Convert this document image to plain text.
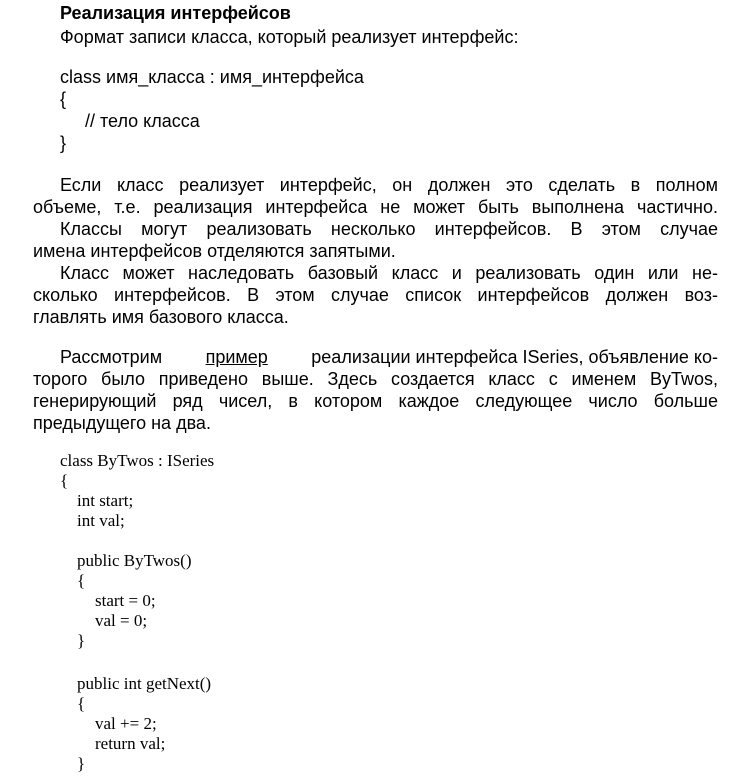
Реализация интерфейсов
Формат записи класса, который реализует интерфейс:
class имя_класса : имя_интерфейса
{
// тело класса
}
Если класс реализует интерфейс, он должен это сделать в полном
объеме, т.е. реализация интерфейса не может быть выполнена частично.
Классы могут реализовать несколько интерфейсов. В этом случае
имена интерфейсов отделяются запятыми.
Класс может наследовать базовый класс и реализовать один или не-
сколько интерфейсов. В этом случае список интерфейсов должен воз-
главлять имя базового класса.
Рассмотрим пример реализации интерфейса ISeries, объявление ко-
торого было приведено выше. Здесь создается класс с именем ByTwos,
генерирующий ряд чисел, в котором каждое следующее число больше
предыдущего на два.
class ByTwos : ISeries
{
int start;
int val;
public ByTwos()
{
start = 0;
val = 0;
}
public int getNext()
{
val += 2;
return val;
}
